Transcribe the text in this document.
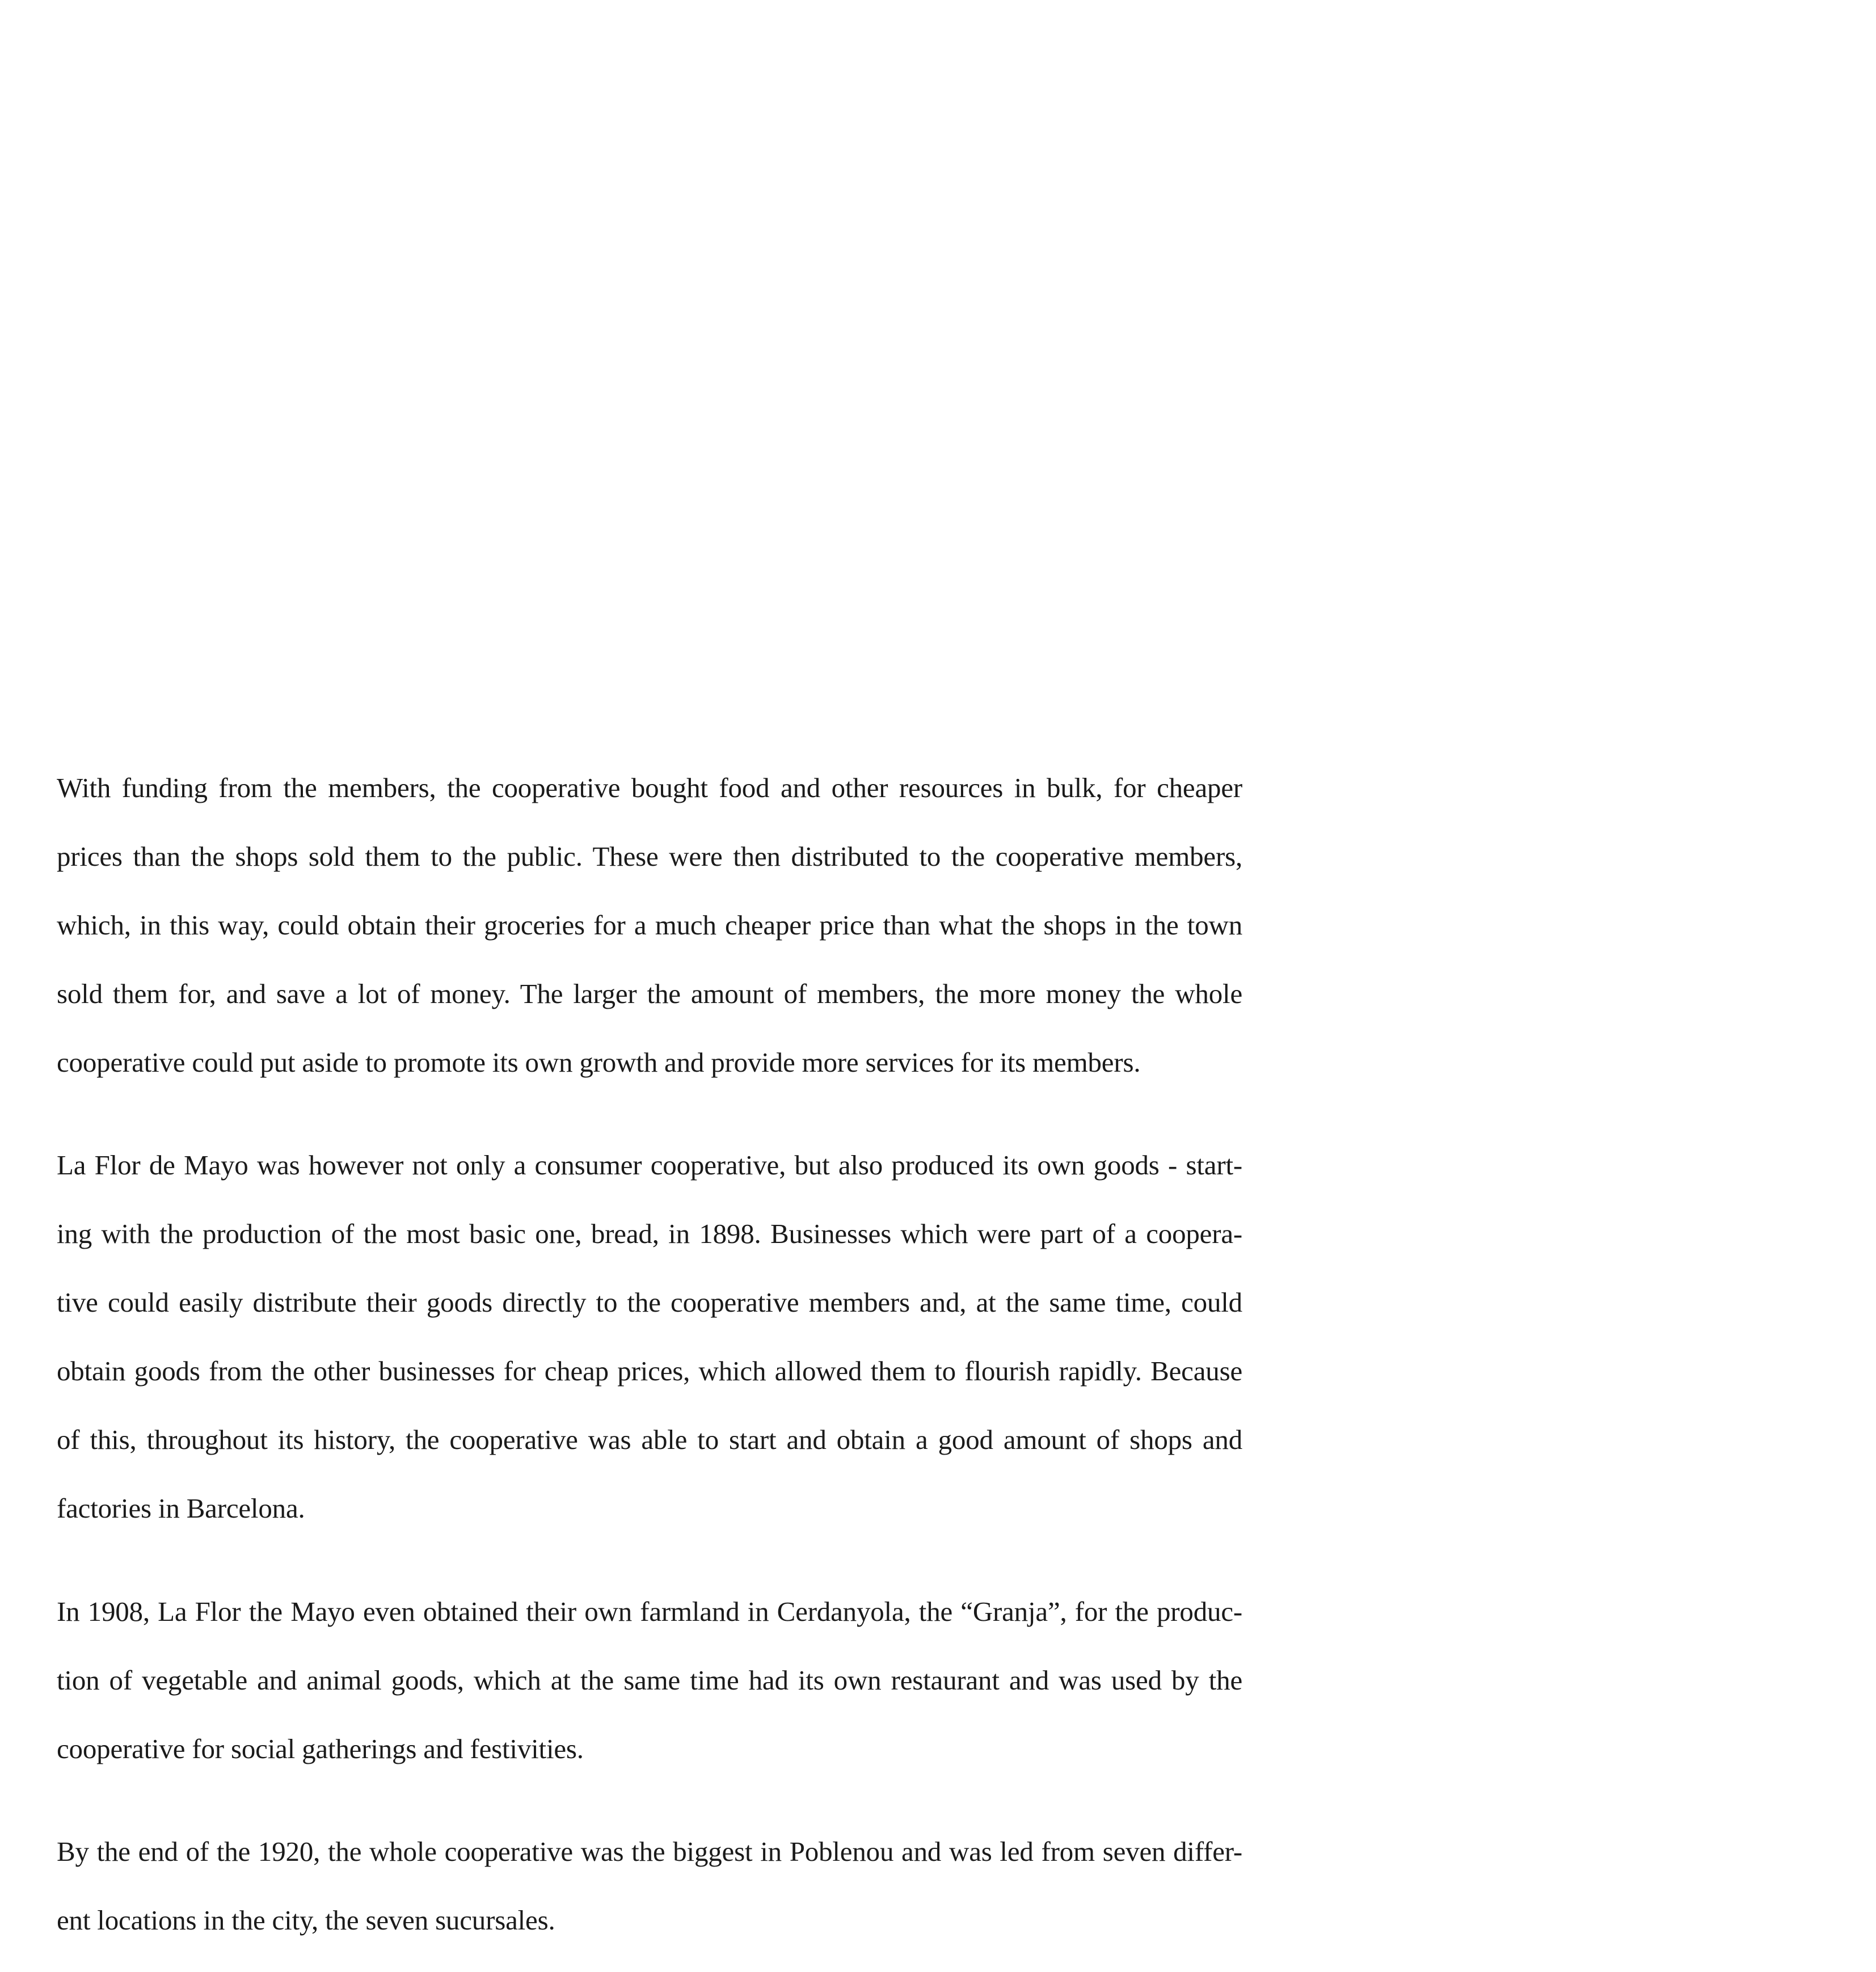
With funding from the members, the cooperative bought food and other resources in bulk, for cheaper

prices than the shops sold them to the public. These were then distributed to the cooperative members,

which, in this way, could obtain their groceries for a much cheaper price than what the shops in the town

sold them for, and save a lot of money. The larger the amount of members, the more money the whole

cooperative could put aside to promote its own growth and provide more services for its members.

La Flor de Mayo was however not only a consumer cooperative, but also produced its own goods - start-

ing with the production of the most basic one, bread, in 1898. Businesses which were part of a coopera-

tive could easily distribute their goods directly to the cooperative members and, at the same time, could

obtain goods from the other businesses for cheap prices, which allowed them to flourish rapidly. Because

of this, throughout its history, the cooperative was able to start and obtain a good amount of shops and

factories in Barcelona.

In 1908, La Flor the Mayo even obtained their own farmland in Cerdanyola, the “Granja”, for the produc-

tion of vegetable and animal goods, which at the same time had its own restaurant and was used by the

cooperative for social gatherings and festivities.

By the end of the 1920, the whole cooperative was the biggest in Poblenou and was led from seven differ-

ent locations in the city, the seven sucursales.
